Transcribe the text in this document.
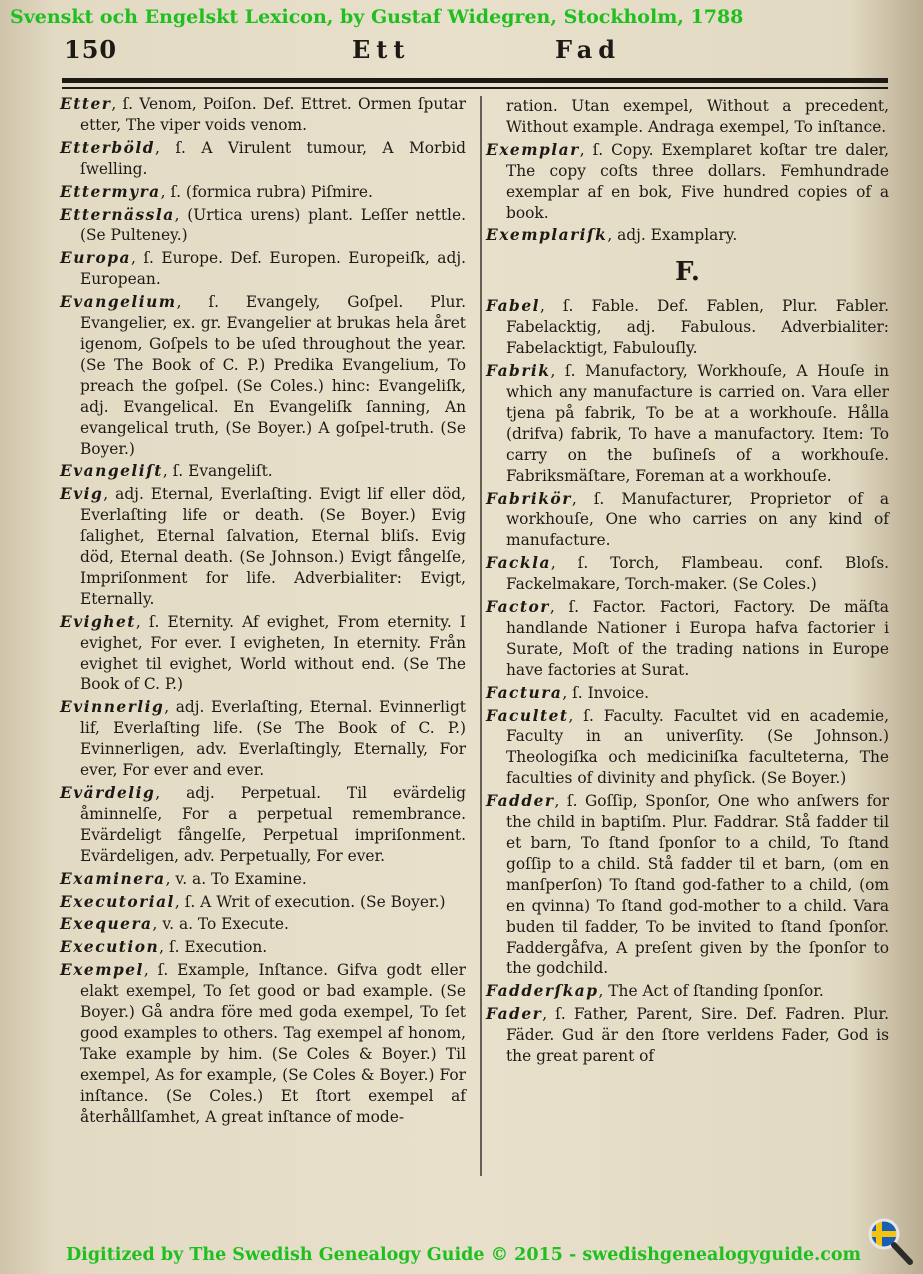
Svenskt och Engelskt Lexicon, by Gustaf Widegren, Stockholm, 1788
150	Ett	Fad
Etter, ſ. Venom, Poiſon. Def. Ettret. Ormen ſputar etter, The viper voids venom.
Etterböld, ſ. A Virulent tumour, A Morbid ſwelling.
Ettermyra, ſ. (formica rubra) Piſmire.
Etternässla, (Urtica urens) plant. Leſſer nettle. (Se Pulteney.)
Europa, ſ. Europe. Def. Europen. Europeiſk, adj. European.
Evangelium, ſ. Evangely, Goſpel. Plur. Evangelier, ex. gr. Evangelier at brukas hela året igenom, Goſpels to be uſed throughout the year. (Se The Book of C. P.) Predika Evangelium, To preach the goſpel. (Se Coles.) hinc: Evangeliſk, adj. Evangelical. En Evangeliſk ſanning, An evangelical truth, (Se Boyer.) A goſpel-truth. (Se Boyer.)
Evangeliſt, ſ. Evangeliſt.
Evig, adj. Eternal, Everlaſting. Evigt lif eller död, Everlaſting life or death. (Se Boyer.) Evig ſalighet, Eternal ſalvation, Eternal bliſs. Evig död, Eternal death. (Se Johnson.) Evigt fångelſe, Impriſonment for life. Adverbialiter: Evigt, Eternally.
Evighet, ſ. Eternity. Af evighet, From eternity. I evighet, For ever. I evigheten, In eternity. Från evighet til evighet, World without end. (Se The Book of C. P.)
Evinnerlig, adj. Everlaſting, Eternal. Evinnerligt lif, Everlaſting life. (Se The Book of C. P.) Evinnerligen, adv. Everlaſtingly, Eternally, For ever, For ever and ever.
Evärdelig, adj. Perpetual. Til evärdelig åminnelſe, For a perpetual remembrance. Evärdeligt fångelſe, Perpetual impriſonment. Evärdeligen, adv. Perpetually, For ever.
Examinera, v. a. To Examine.
Executorial, ſ. A Writ of execution. (Se Boyer.)
Exequera, v. a. To Execute.
Execution, ſ. Execution.
Exempel, ſ. Example, Inſtance. Gifva godt eller elakt exempel, To ſet good or bad example. (Se Boyer.) Gå andra före med goda exempel, To ſet good examples to others. Tag exempel af honom, Take example by him. (Se Coles & Boyer.) Til exempel, As for example, (Se Coles & Boyer.) For inſtance. (Se Coles.) Et ſtort exempel af återhållſamhet, A great inſtance of mode-
ration. Utan exempel, Without a precedent, Without example. Andraga exempel, To inſtance.
Exemplar, ſ. Copy. Exemplaret koſtar tre daler, The copy coſts three dollars. Femhundrade exemplar af en bok, Five hundred copies of a book.
Exemplariſk, adj. Examplary.
F.
Fabel, ſ. Fable. Def. Fablen, Plur. Fabler. Fabelacktig, adj. Fabulous. Adverbialiter: Fabelacktigt, Fabulouſly.
Fabrik, ſ. Manufactory, Workhouſe, A Houſe in which any manufacture is carried on. Vara eller tjena på fabrik, To be at a workhouſe. Hålla (drifva) fabrik, To have a manufactory. Item: To carry on the buſineſs of a workhouſe. Fabriksmäſtare, Foreman at a workhouſe.
Fabrikör, ſ. Manufacturer, Proprietor of a workhouſe, One who carries on any kind of manufacture.
Fackla, ſ. Torch, Flambeau. conf. Bloſs. Fackelmakare, Torch-maker. (Se Coles.)
Factor, ſ. Factor. Factori, Factory. De mäſta handlande Nationer i Europa hafva factorier i Surate, Moſt of the trading nations in Europe have factories at Surat.
Factura, ſ. Invoice.
Facultet, ſ. Faculty. Facultet vid en academie, Faculty in an univerſity. (Se Johnson.) Theologiſka och mediciniſka faculteterna, The faculties of divinity and phyſick. (Se Boyer.)
Fadder, ſ. Goſſip, Sponſor, One who anſwers for the child in baptiſm. Plur. Faddrar. Stå fadder til et barn, To ſtand ſponſor to a child, To ſtand goſſip to a child. Stå fadder til et barn, (om en manſperſon) To ſtand god-father to a child, (om en qvinna) To ſtand god-mother to a child. Vara buden til fadder, To be invited to ſtand ſponſor. Faddergåfva, A preſent given by the ſponſor to the godchild.
Fadderſkap, The Act of ſtanding ſponſor.
Fader, ſ. Father, Parent, Sire. Def. Fadren. Plur. Fäder. Gud är den ſtore verldens Fader, God is the great parent of
Digitized by The Swedish Genealogy Guide © 2015 - swedishgenealogyguide.com
